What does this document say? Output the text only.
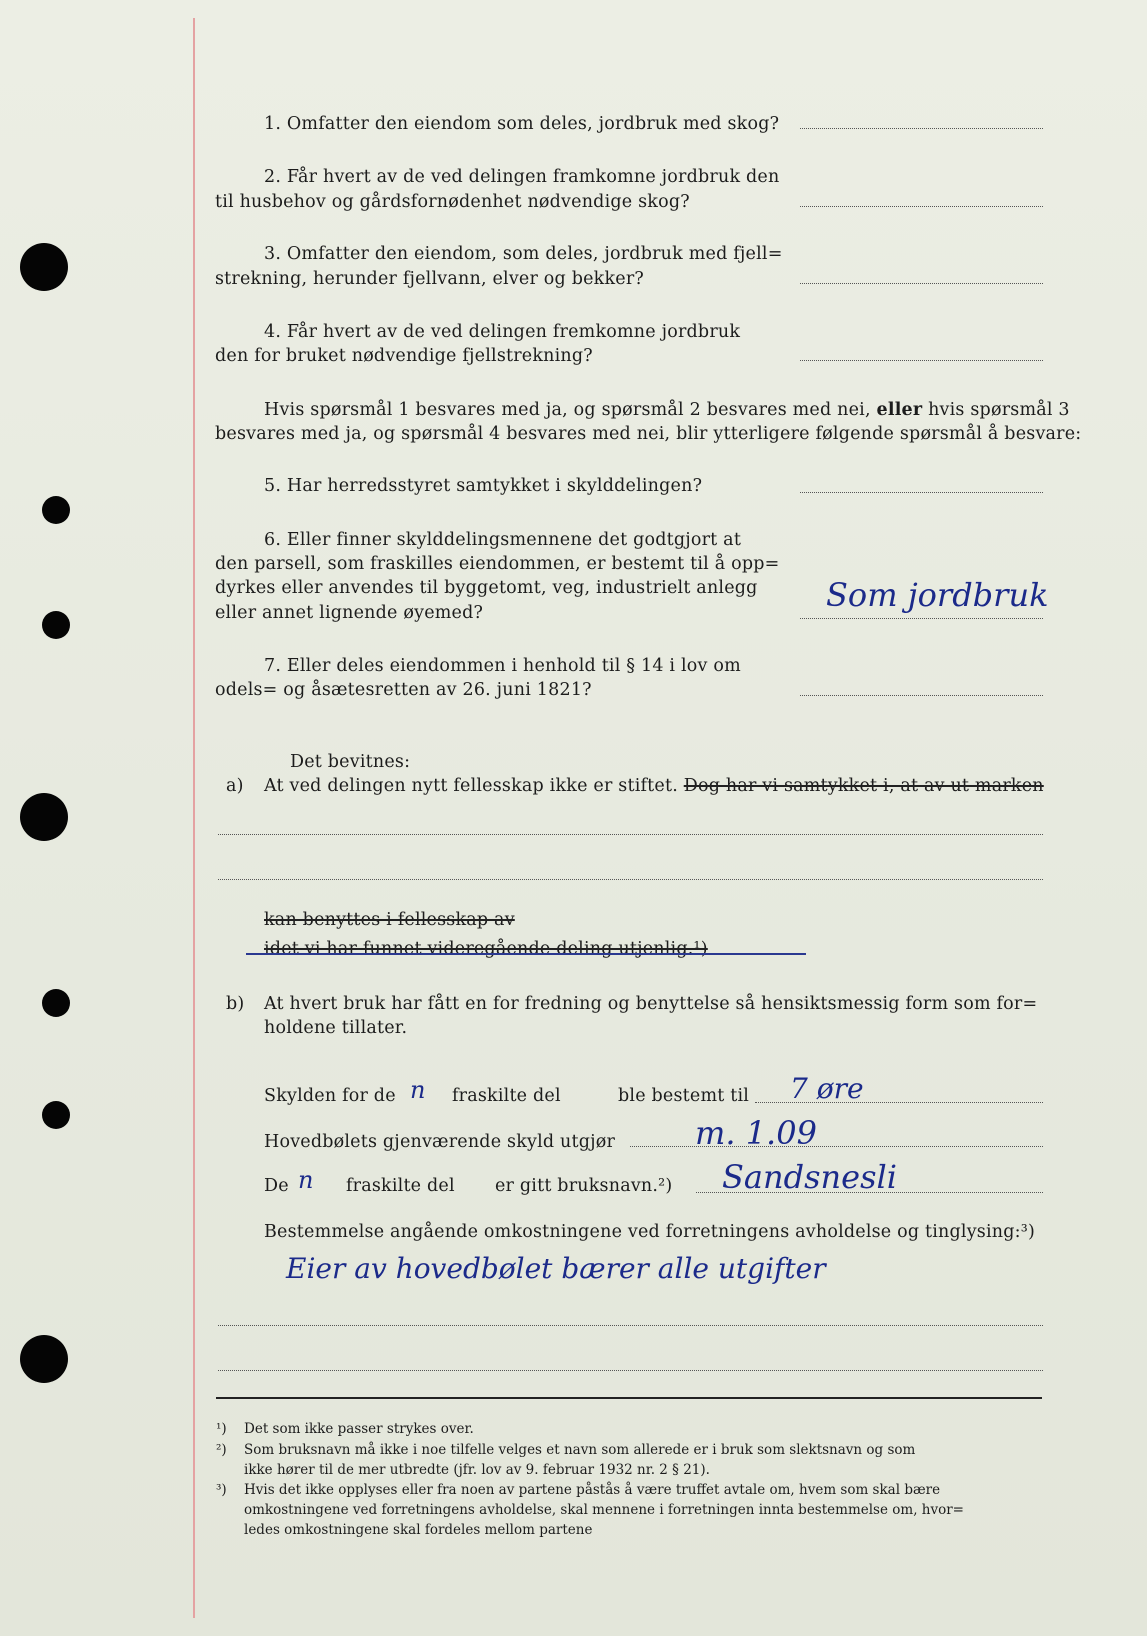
1. Omfatter den eiendom som deles, jordbruk med skog?
2. Får hvert av de ved delingen framkomne jordbruk den
til husbehov og gårdsfornødenhet nødvendige skog?
3. Omfatter den eiendom, som deles, jordbruk med fjell=
strekning, herunder fjellvann, elver og bekker?
4. Får hvert av de ved delingen fremkomne jordbruk
den for bruket nødvendige fjellstrekning?
Hvis spørsmål 1 besvares med ja, og spørsmål 2 besvares med nei, eller hvis spørsmål 3
besvares med ja, og spørsmål 4 besvares med nei, blir ytterligere følgende spørsmål å besvare:
5. Har herredsstyret samtykket i skylddelingen?
6. Eller finner skylddelingsmennene det godtgjort at
den parsell, som fraskilles eiendommen, er bestemt til å opp=
dyrkes eller anvendes til byggetomt, veg, industrielt anlegg
eller annet lignende øyemed?	Som jordbruk
7. Eller deles eiendommen i henhold til § 14 i lov om
odels= og åsætesretten av 26. juni 1821?
Det bevitnes:
a) At ved delingen nytt fellesskap ikke er stiftet. Dog har vi samtykket i, at av ut marken
kan benyttes i fellesskap av
idet vi har funnet videregående deling utjenlig.¹)
b) At hvert bruk har fått en for fredning og benyttelse så hensiktsmessig form som for=
holdene tillater.
Skylden for de n fraskilte del	ble bestemt til 7 øre
Hovedbølets gjenværende skyld utgjør m. 1.09
De n fraskilte del er gitt bruksnavn.²) Sandsnesli
Bestemmelse angående omkostningene ved forretningens avholdelse og tinglysing:³)
Eier av hovedbølet bærer alle utgifter
¹) Det som ikke passer strykes over.
²) Som bruksnavn må ikke i noe tilfelle velges et navn som allerede er i bruk som slektsnavn og som
ikke hører til de mer utbredte (jfr. lov av 9. februar 1932 nr. 2 § 21).
³) Hvis det ikke opplyses eller fra noen av partene påstås å være truffet avtale om, hvem som skal bære
omkostningene ved forretningens avholdelse, skal mennene i forretningen innta bestemmelse om, hvor=
ledes omkostningene skal fordeles mellom partene
